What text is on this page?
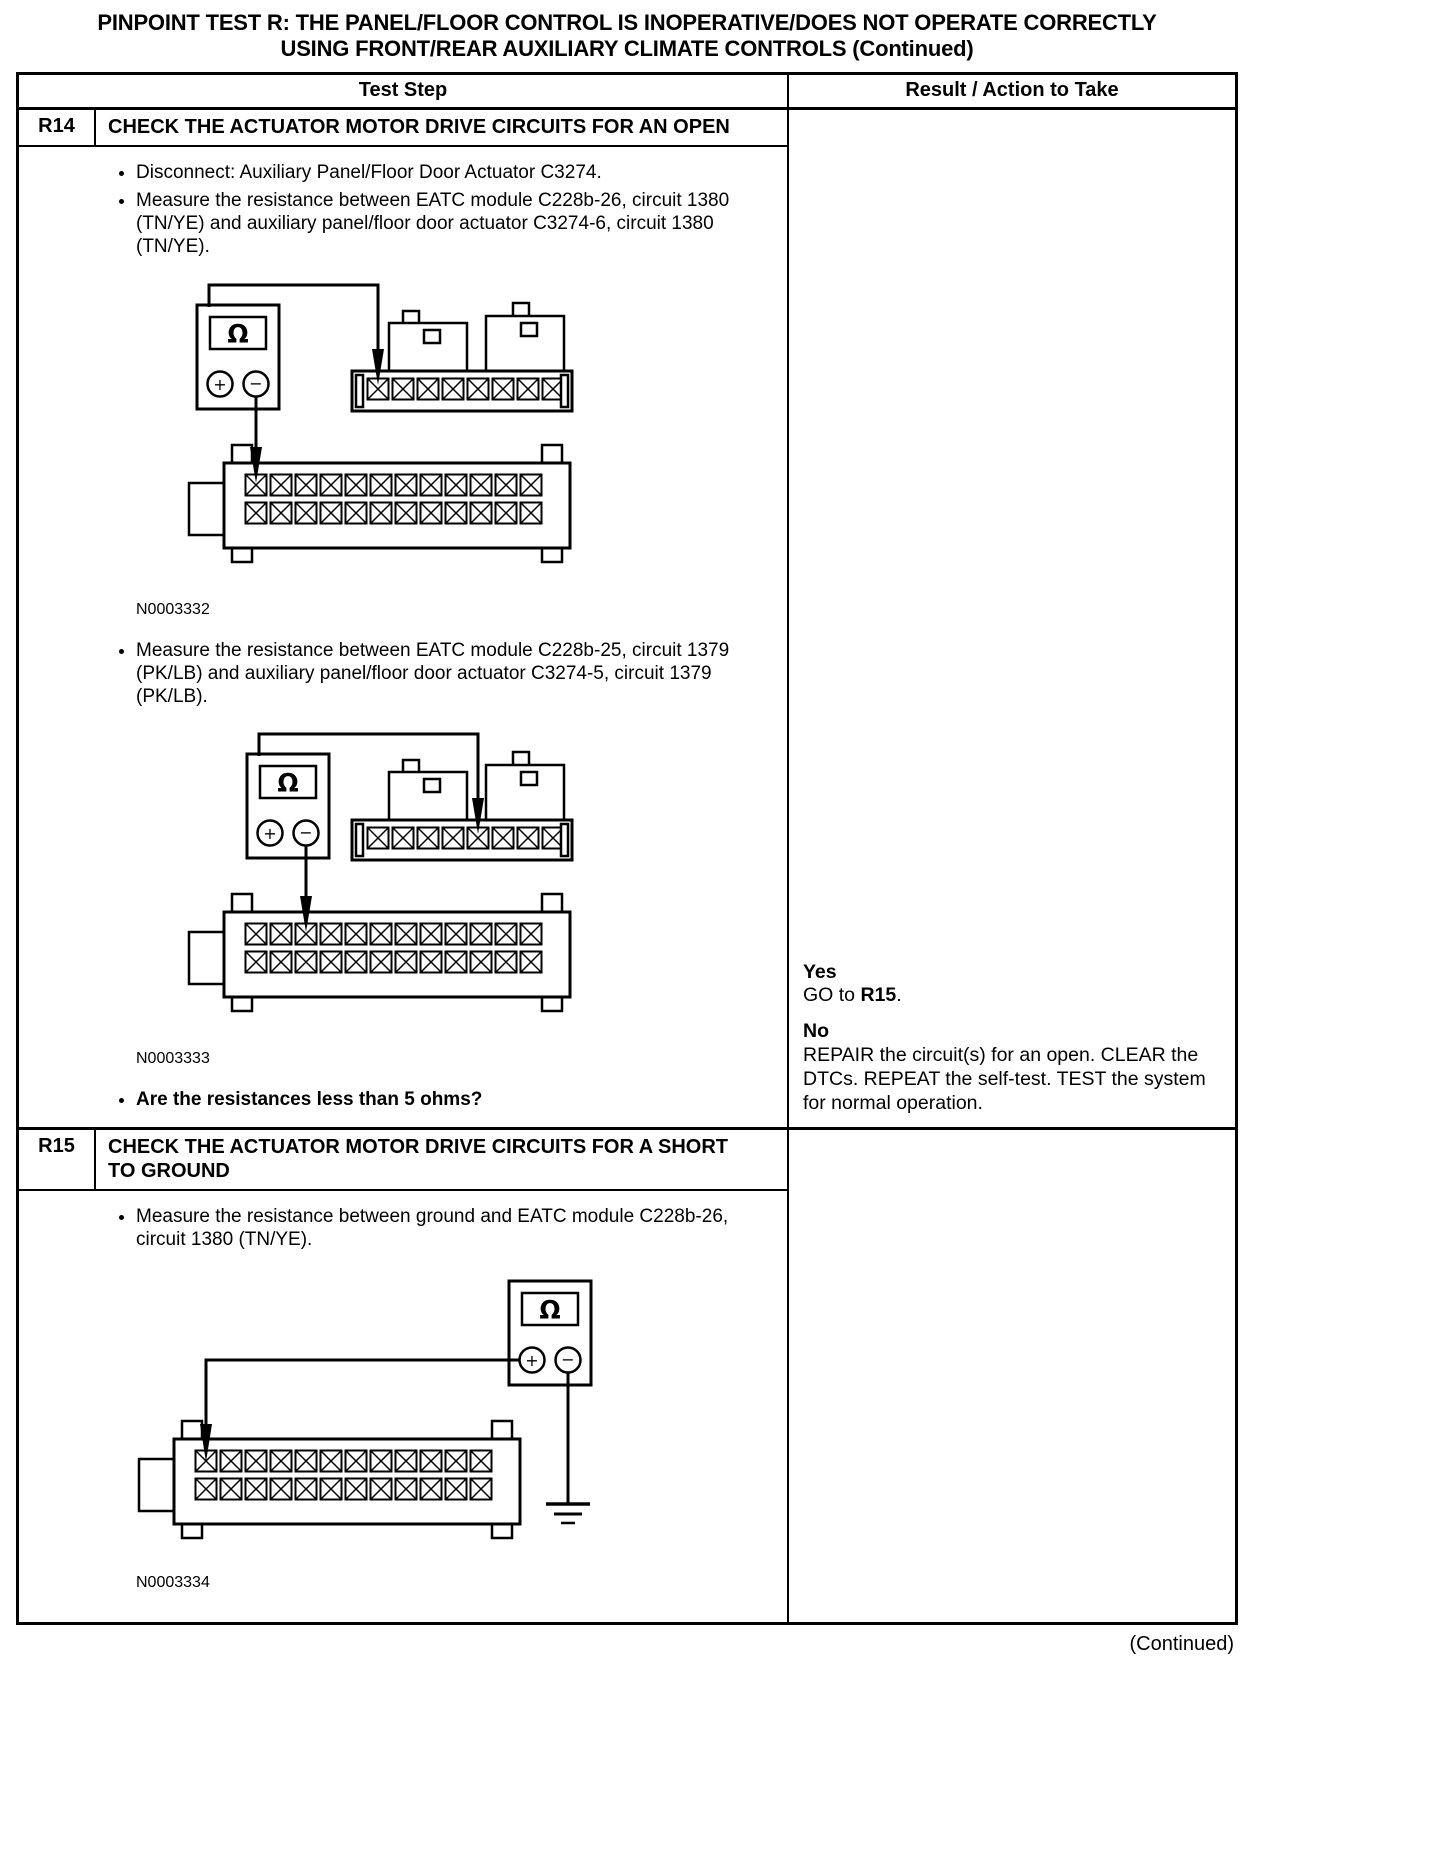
PINPOINT TEST R: THE PANEL/FLOOR CONTROL IS INOPERATIVE/DOES NOT OPERATE CORRECTLY
USING FRONT/REAR AUXILIARY CLIMATE CONTROLS (Continued)
Test Step	Result / Action to Take
R14	CHECK THE ACTUATOR MOTOR DRIVE CIRCUITS FOR AN OPEN
• Disconnect: Auxiliary Panel/Floor Door Actuator C3274.
• Measure the resistance between EATC module C228b-26, circuit 1380 (TN/YE) and auxiliary panel/floor door actuator C3274-6, circuit 1380 (TN/YE).
Ω
+ −
N0003332
• Measure the resistance between EATC module C228b-25, circuit 1379 (PK/LB) and auxiliary panel/floor door actuator C3274-5, circuit 1379 (PK/LB).
Ω
+ −
N0003333
• Are the resistances less than 5 ohms?
Yes
GO to R15.
No
REPAIR the circuit(s) for an open. CLEAR the DTCs. REPEAT the self-test. TEST the system for normal operation.
R15	CHECK THE ACTUATOR MOTOR DRIVE CIRCUITS FOR A SHORT TO GROUND
• Measure the resistance between ground and EATC module C228b-26, circuit 1380 (TN/YE).
Ω
+ −
N0003334
(Continued)
